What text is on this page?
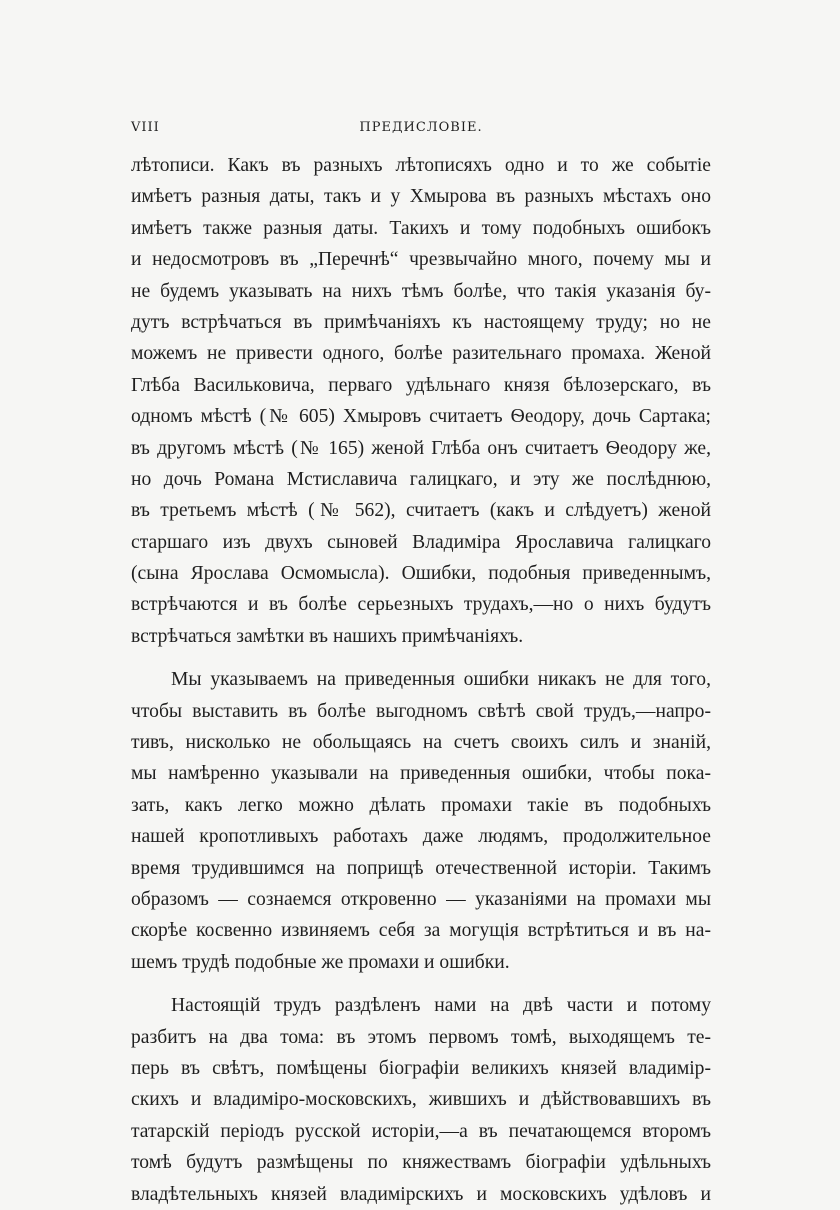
VIII	ПРЕДИСЛОВІЕ.
лѣтописи. Какъ въ разныхъ лѣтописяхъ одно и то же событіе
имѣетъ разныя даты, такъ и у Хмырова въ разныхъ мѣстахъ оно
имѣетъ также разныя даты. Такихъ и тому подобныхъ ошибокъ
и недосмотровъ въ „Перечнѣ“ чрезвычайно много, почему мы и
не будемъ указывать на нихъ тѣмъ болѣе, что такія указанія бу-
дутъ встрѣчаться въ примѣчаніяхъ къ настоящему труду; но не
можемъ не привести одного, болѣе разительнаго промаха. Женой
Глѣба Васильковича, перваго удѣльнаго князя бѣлозерскаго, въ
одномъ мѣстѣ (№ 605) Хмыровъ считаетъ Ѳеодору, дочь Сартака;
въ другомъ мѣстѣ (№ 165) женой Глѣба онъ считаетъ Ѳеодору же,
но дочь Романа Мстиславича галицкаго, и эту же послѣднюю,
въ третьемъ мѣстѣ (№ 562), считаетъ (какъ и слѣдуетъ) женой
старшаго изъ двухъ сыновей Владиміра Ярославича галицкаго
(сына Ярослава Осмомысла). Ошибки, подобныя приведеннымъ,
встрѣчаются и въ болѣе серьезныхъ трудахъ,—но о нихъ будутъ
встрѣчаться замѣтки въ нашихъ примѣчаніяхъ.
Мы указываемъ на приведенныя ошибки никакъ не для того,
чтобы выставить въ болѣе выгодномъ свѣтѣ свой трудъ,—напро-
тивъ, нисколько не обольщаясь на счетъ своихъ силъ и знаній,
мы намѣренно указывали на приведенныя ошибки, чтобы пока-
зать, какъ легко можно дѣлать промахи такіе въ подобныхъ
нашей кропотливыхъ работахъ даже людямъ, продолжительное
время трудившимся на поприщѣ отечественной исторіи. Такимъ
образомъ — сознаемся откровенно — указаніями на промахи мы
скорѣе косвенно извиняемъ себя за могущія встрѣтиться и въ на-
шемъ трудѣ подобные же промахи и ошибки.
Настоящій трудъ раздѣленъ нами на двѣ части и потому
разбитъ на два тома: въ этомъ первомъ томѣ, выходящемъ те-
перь въ свѣтъ, помѣщены біографіи великихъ князей владимір-
скихъ и владиміро-московскихъ, жившихъ и дѣйствовавшихъ въ
татарскій періодъ русской исторіи,—а въ печатающемся второмъ
томѣ будутъ размѣщены по княжествамъ біографіи удѣльныхъ
владѣтельныхъ князей владимірскихъ и московскихъ удѣловъ и
